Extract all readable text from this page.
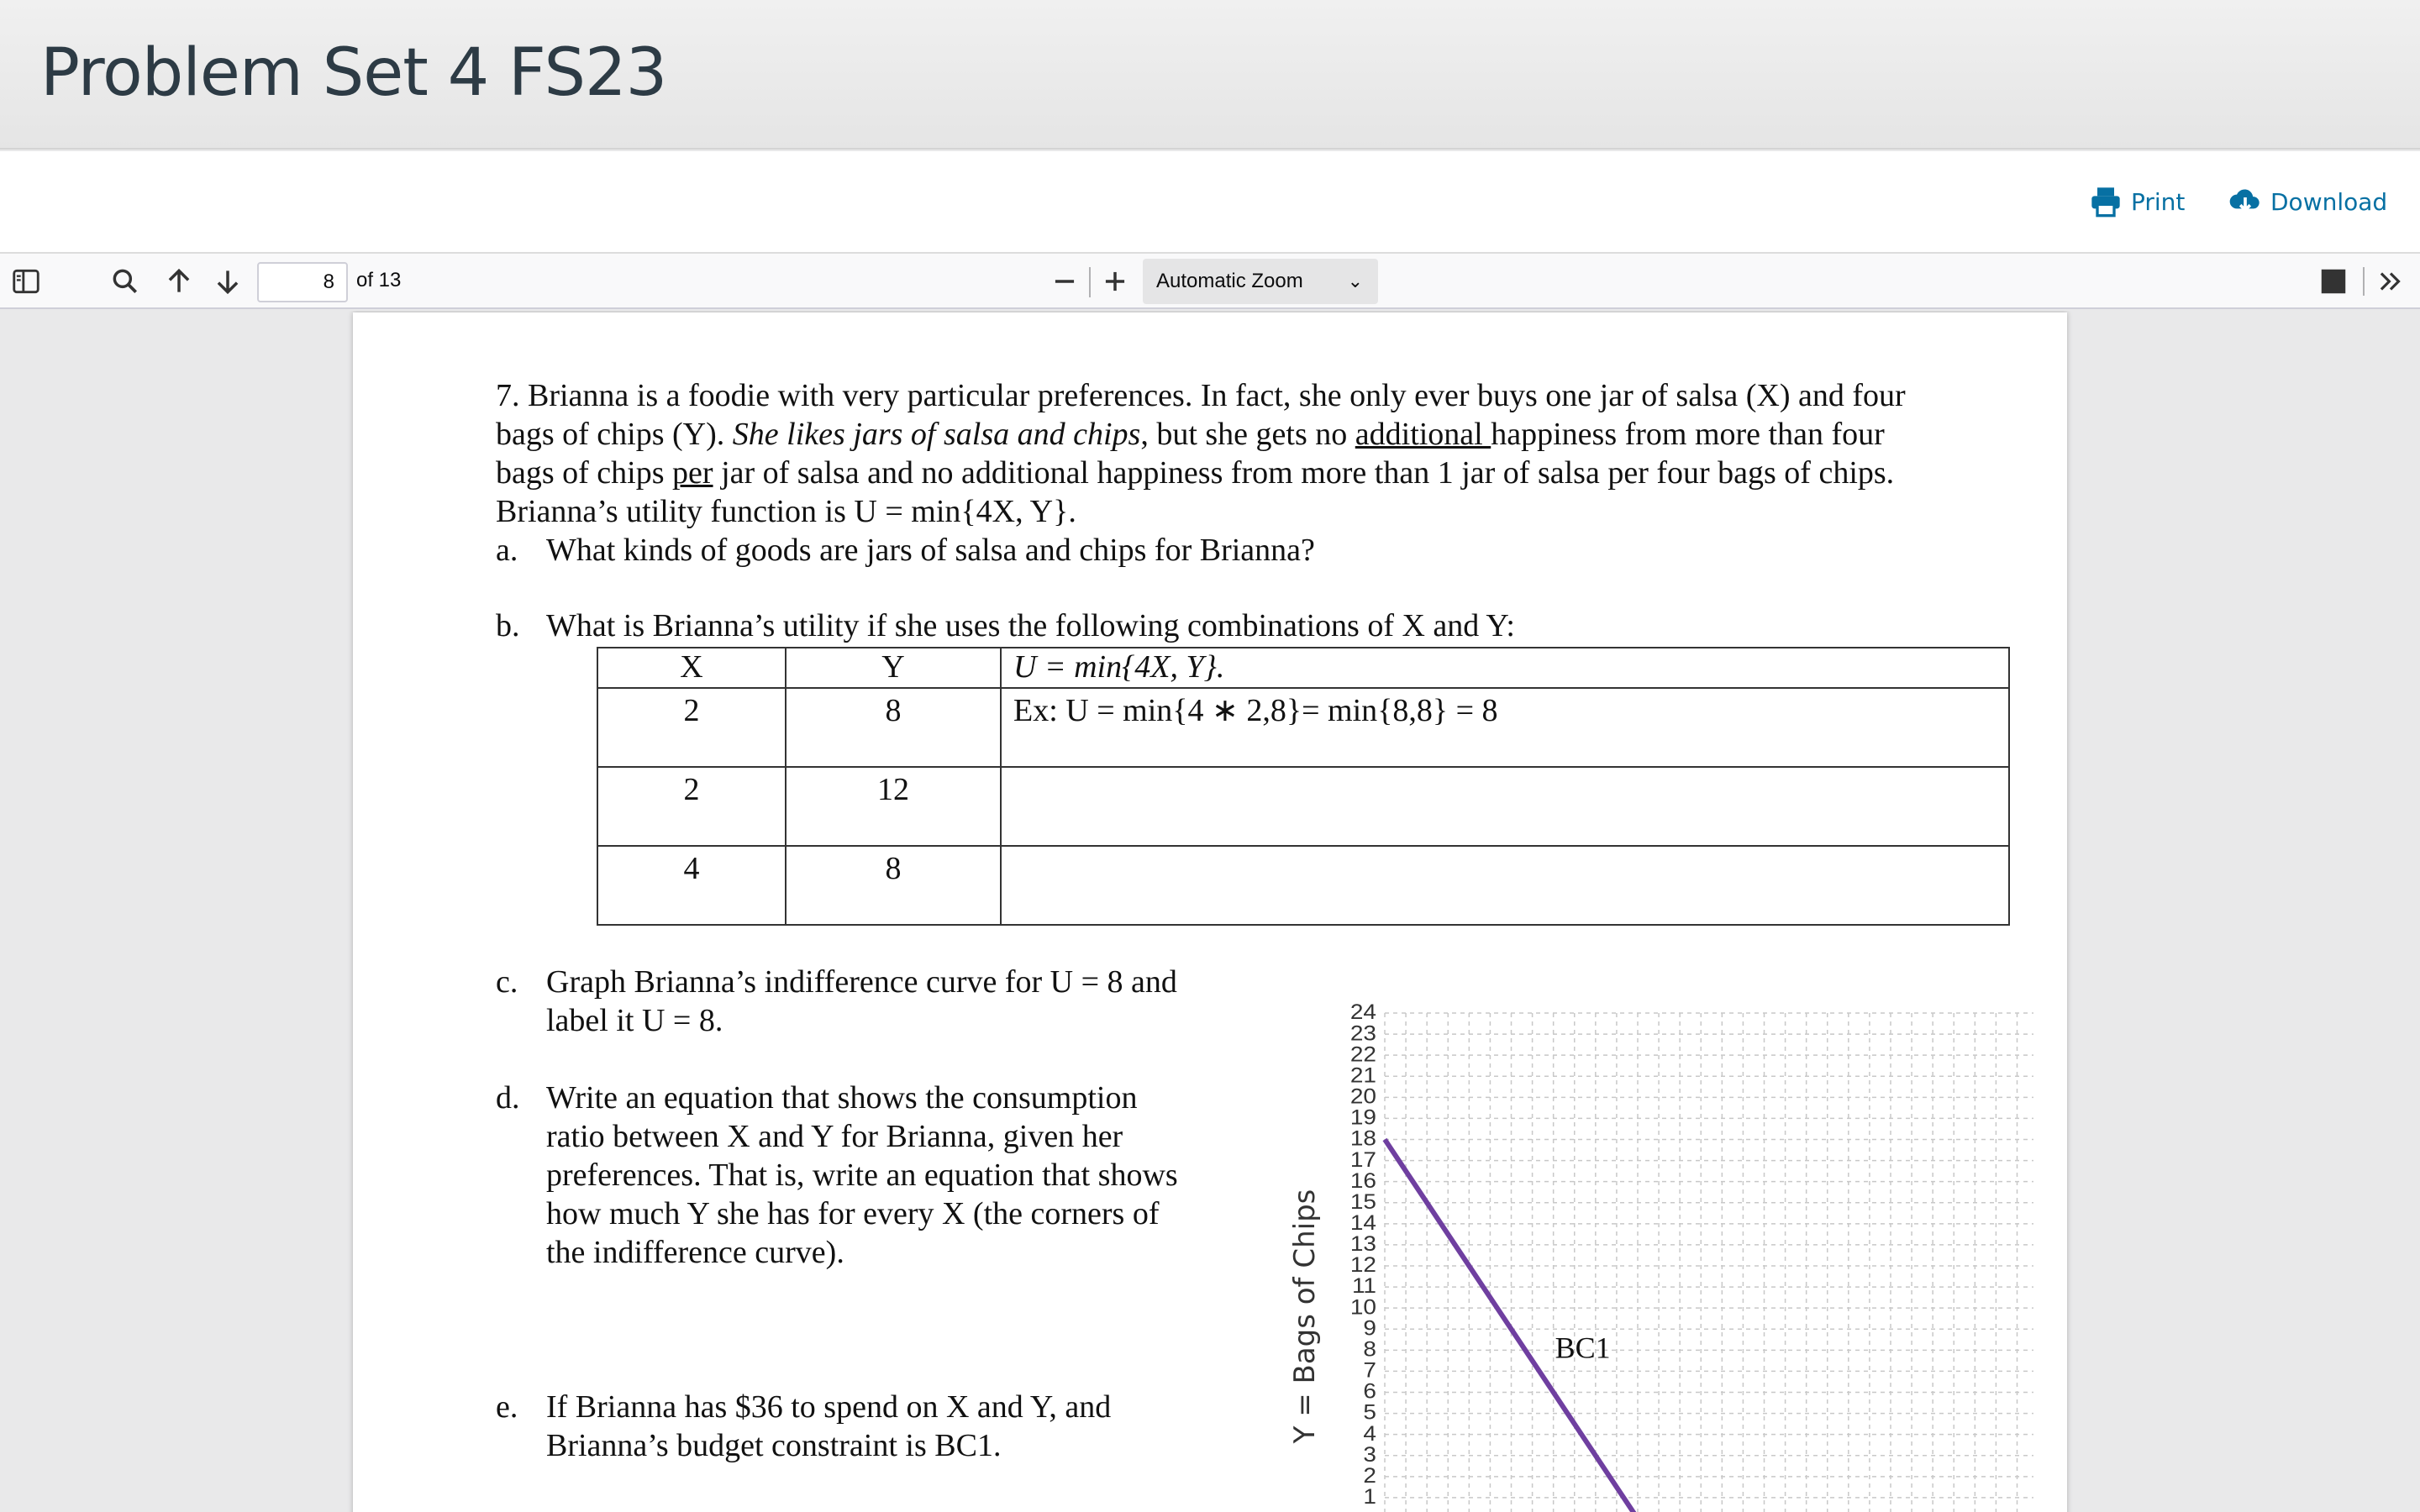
Problem Set 4 FS23
Print	Download
8	of 13	Automatic Zoom ⌄
7. Brianna is a foodie with very particular preferences. In fact, she only ever buys one jar of salsa (X) and four
bags of chips (Y). She likes jars of salsa and chips, but she gets no additional happiness from more than four
bags of chips per jar of salsa and no additional happiness from more than 1 jar of salsa per four bags of chips.
Brianna’s utility function is U = min{4X, Y}.
a. What kinds of goods are jars of salsa and chips for Brianna?
b. What is Brianna’s utility if she uses the following combinations of X and Y:
X	Y	U = min{4X, Y}.
2	8	Ex: U = min{4 ∗ 2,8}= min{8,8} = 8
2	12	
4	8	
c. Graph Brianna’s indifference curve for U = 8 and
label it U = 8.
d. Write an equation that shows the consumption
ratio between X and Y for Brianna, given her
preferences. That is, write an equation that shows
how much Y she has for every X (the corners of
the indifference curve).
e. If Brianna has $36 to spend on X and Y, and
Brianna’s budget constraint is BC1.
1
2
3
4
5
6
7
8
9
10
11
12
13
14
15
16
17
18
19
20
21
22
23
24
Y = Bags of Chips	BC1
